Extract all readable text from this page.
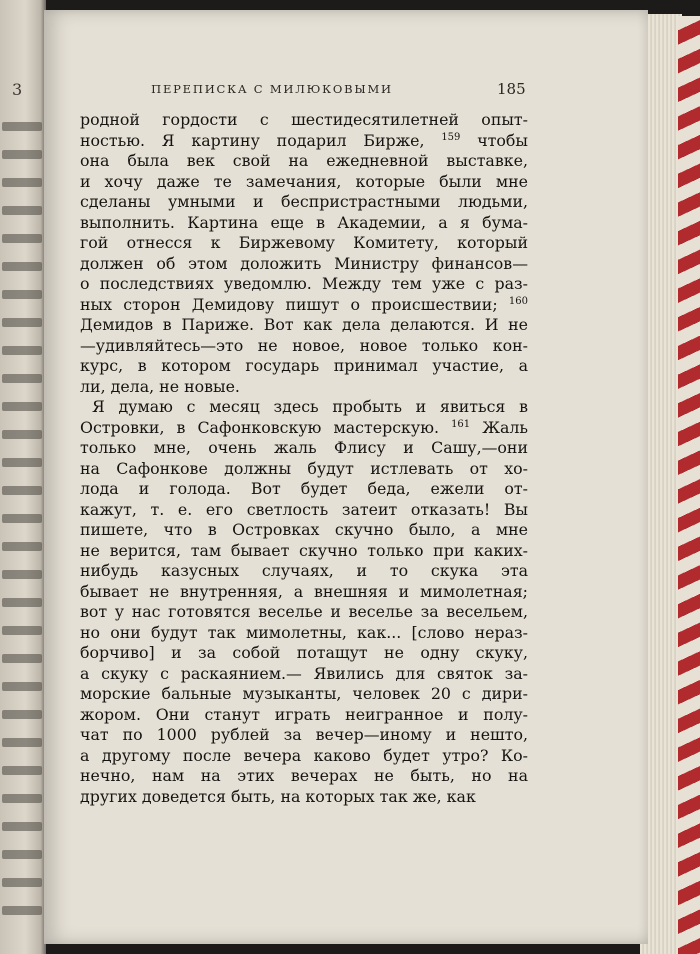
3	ПЕРЕПИСКА С МИЛЮКОВЫМИ	185
родной гордости с шестидесятилетней опыт-
ностью. Я картину подарил Бирже, $^{159}$ чтобы
она была век свой на ежедневной выставке,
и хочу даже те замечания, которые были мне
сделаны умными и беспристрастными людьми,
выполнить. Картина еще в Академии, а я бума-
гой отнесся к Биржевому Комитету, который
должен об этом доложить Министру финансов—
о последствиях уведомлю. Между тем уже с раз-
ных сторон Демидову пишут о происшествии; $^{160}$
Демидов в Париже. Вот как дела делаются. И не
—удивляйтесь—это не новое, новое только кон-
курс, в котором государь принимал участие, а
ли, дела, не новые.
Я думаю с месяц здесь пробыть и явиться в
Островки, в Сафонковскую мастерскую. $^{161}$ Жаль
только мне, очень жаль Флису и Сашу,—они
на Сафонкове должны будут истлевать от хо-
лода и голода. Вот будет беда, ежели от-
кажут, т. е. его светлость затеит отказать! Вы
пишете, что в Островках скучно было, а мне
не верится, там бывает скучно только при каких-
нибудь казусных случаях, и то скука эта
бывает не внутренняя, а внешняя и мимолетная;
вот у нас готовятся веселье и веселье за весельем,
но они будут так мимолетны, как... [слово нераз-
борчиво] и за собой потащут не одну скуку,
а скуку с раскаянием.— Явились для святок за-
морские бальные музыканты, человек 20 с дири-
жором. Они станут играть неигранное и полу-
чат по 1000 рублей за вечер—иному и нешто,
а другому после вечера каково будет утро? Ко-
нечно, нам на этих вечерах не быть, но на
других доведется быть, на которых так же, как
